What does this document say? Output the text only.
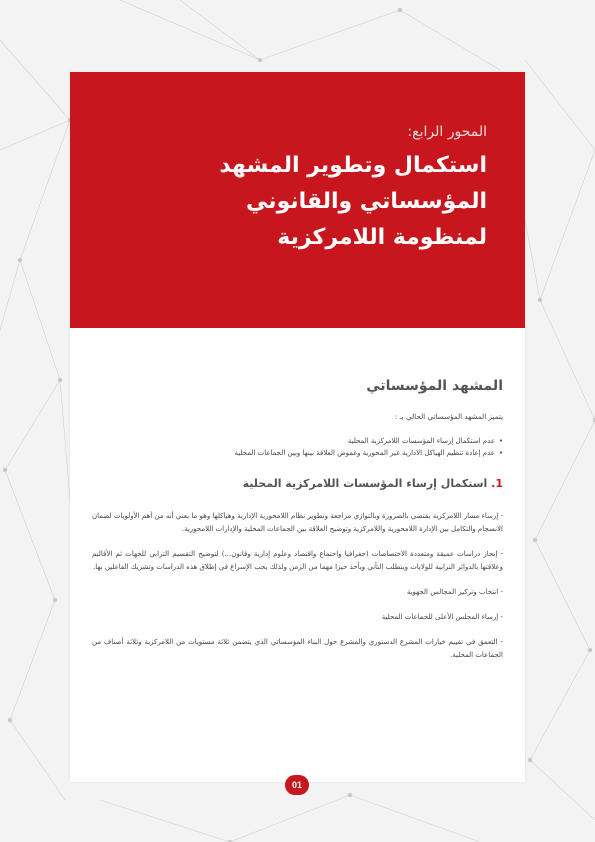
المحور الرابع:
استكمال وتطوير المشهد
المؤسساتي والقانوني
لمنظومة اللامركزية
المشهد المؤسساتي
يتميز المشهد المؤسساتي الحالي بـ :
• عدم استكمال إرساء المؤسسات اللامركزية المحلية
• عدم إعادة تنظيم الهياكل الادارية غير المحورية وغموض العلاقة بينها وبين الجماعات المحلية
1. استكمال إرساء المؤسسات اللامركزية المحلية

- إرساء مسار اللامركزية يقتضي بالضرورة وبالتوازي مراجعة وتطوير نظام اللامحورية الإدارية وهياكلها وهو ما يعني أنه من أهم الأولويات لضمان الانسجام والتكامل بين الإدارة اللامحورية واللامركزية وتوضيح العلاقة بين الجماعات المحلية والإدارات اللامحورية.

- إنجاز دراسات عميقة ومتعددة الاختصاصات (جغرافيا واجتماع واقتصاد وعلوم إدارية وقانون...) لتوضيح التقسيم الترابي للجهات ثم الأقاليم وعلاقتها بالدوائر الترابية للولايات ويتطلب التأني ويأخذ حيزا مهما من الزمن ولذلك يجب الإسراع في إطلاق هذه الدراسات وتشريك الفاعلين بها.

- انتخاب وتركيز المجالس الجهوية

- إرساء المجلس الأعلى للجماعات المحلية

- التعمق في تقييم خيارات المشرع الدستوري والمشرع حول البناء المؤسساتي الذي يتضمن ثلاثة مستويات من اللامركزية وثلاثة أصناف من الجماعات المحلية.

01
